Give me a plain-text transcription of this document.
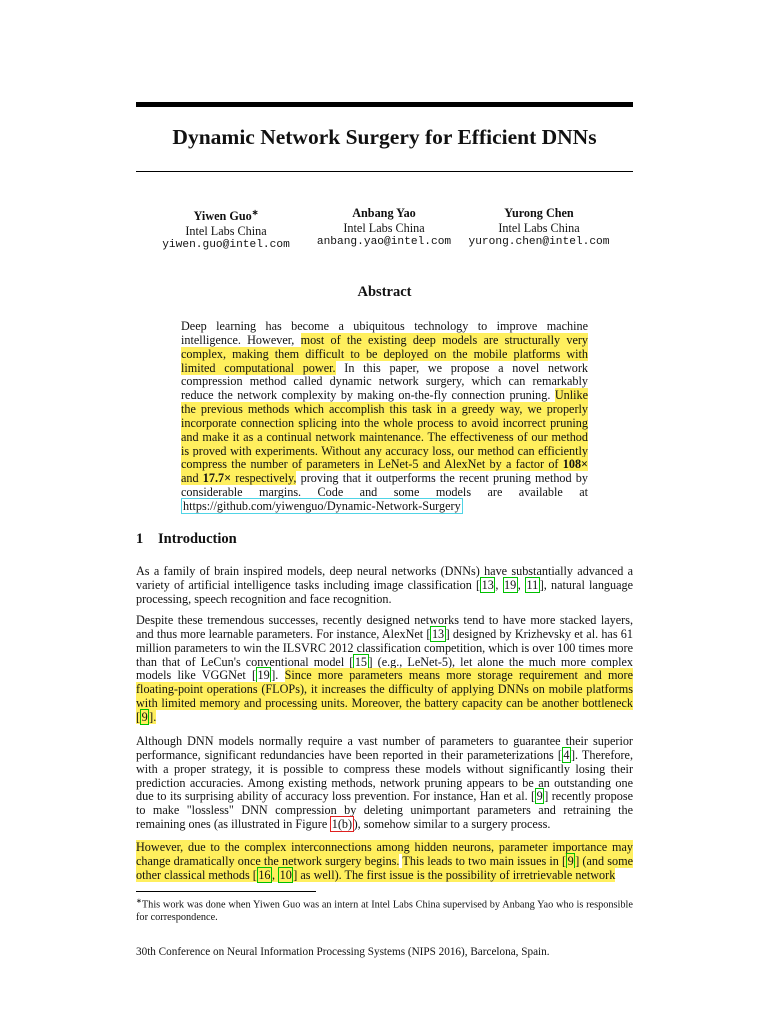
Dynamic Network Surgery for Efficient DNNs
Yiwen Guo∗
Intel Labs China
yiwen.guo@intel.com
Anbang Yao
Intel Labs China
anbang.yao@intel.com
Yurong Chen
Intel Labs China
yurong.chen@intel.com
Abstract
Deep learning has become a ubiquitous technology to improve machine intelligence. However, most of the existing deep models are structurally very complex, making them difficult to be deployed on the mobile platforms with limited computational power. In this paper, we propose a novel network compression method called dynamic network surgery, which can remarkably reduce the network complexity by making on-the-fly connection pruning. Unlike the previous methods which accomplish this task in a greedy way, we properly incorporate connection splicing into the whole process to avoid incorrect pruning and make it as a continual network maintenance. The effectiveness of our method is proved with experiments. Without any accuracy loss, our method can efficiently compress the number of parameters in LeNet-5 and AlexNet by a factor of 108× and 17.7× respectively, proving that it outperforms the recent pruning method by considerable margins. Code and some models are available at https://github.com/yiwenguo/Dynamic-Network-Surgery
1 Introduction

As a family of brain inspired models, deep neural networks (DNNs) have substantially advanced a variety of artificial intelligence tasks including image classification [ 13 , 19 , 11 ], natural language processing, speech recognition and face recognition.

Despite these tremendous successes, recently designed networks tend to have more stacked layers, and thus more learnable parameters. For instance, AlexNet [ 13 ] designed by Krizhevsky et al. has 61 million parameters to win the ILSVRC 2012 classification competition, which is over 100 times more than that of LeCun's conventional model [ 15 ] (e.g., LeNet-5), let alone the much more complex models like VGGNet [ 19 ]. Since more parameters means more storage requirement and more floating-point operations (FLOPs), it increases the difficulty of applying DNNs on mobile platforms with limited memory and processing units. Moreover, the battery capacity can be another bottleneck [ 9 ].

Although DNN models normally require a vast number of parameters to guarantee their superior performance, significant redundancies have been reported in their parameterizations [ 4 ]. Therefore, with a proper strategy, it is possible to compress these models without significantly losing their prediction accuracies. Among existing methods, network pruning appears to be an outstanding one due to its surprising ability of accuracy loss prevention. For instance, Han et al. [ 9 ] recently propose to make "lossless" DNN compression by deleting unimportant parameters and retraining the remaining ones (as illustrated in Figure 1(b) ), somehow similar to a surgery process.

However, due to the complex interconnections among hidden neurons, parameter importance may change dramatically once the network surgery begins. This leads to two main issues in [ 9 ] (and some other classical methods [ 16 , 10 ] as well). The first issue is the possibility of irretrievable network

∗This work was done when Yiwen Guo was an intern at Intel Labs China supervised by Anbang Yao who is responsible for correspondence.
30th Conference on Neural Information Processing Systems (NIPS 2016), Barcelona, Spain.
